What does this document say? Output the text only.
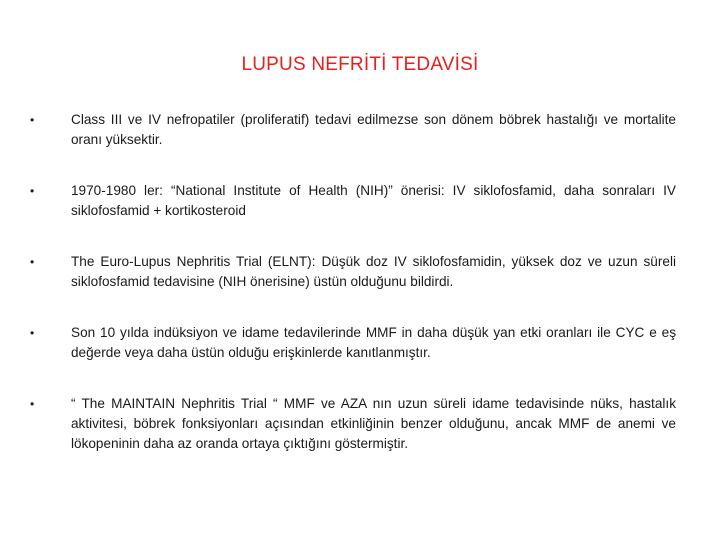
LUPUS NEFRİTİ TEDAVİSİ
•	Class III ve IV nefropatiler (proliferatif) tedavi edilmezse son dönem böbrek hastalığı ve mortalite oranı yüksektir.
•	1970-1980 ler: “National Institute of Health (NIH)” önerisi: IV siklofosfamid, daha sonraları IV siklofosfamid + kortikosteroid
•	The Euro-Lupus Nephritis Trial (ELNT): Düşük doz IV siklofosfamidin, yüksek doz ve uzun süreli siklofosfamid tedavisine (NIH önerisine) üstün olduğunu bildirdi.
•	Son 10 yılda indüksiyon ve idame tedavilerinde MMF in daha düşük yan etki oranları ile CYC e eş değerde veya daha üstün olduğu erişkinlerde kanıtlanmıştır.
•	“ The MAINTAIN Nephritis Trial “ MMF ve AZA nın uzun süreli idame tedavisinde nüks, hastalık aktivitesi, böbrek fonksiyonları açısından etkinliğinin benzer olduğunu, ancak MMF de anemi ve lökopeninin daha az oranda ortaya çıktığını göstermiştir.
